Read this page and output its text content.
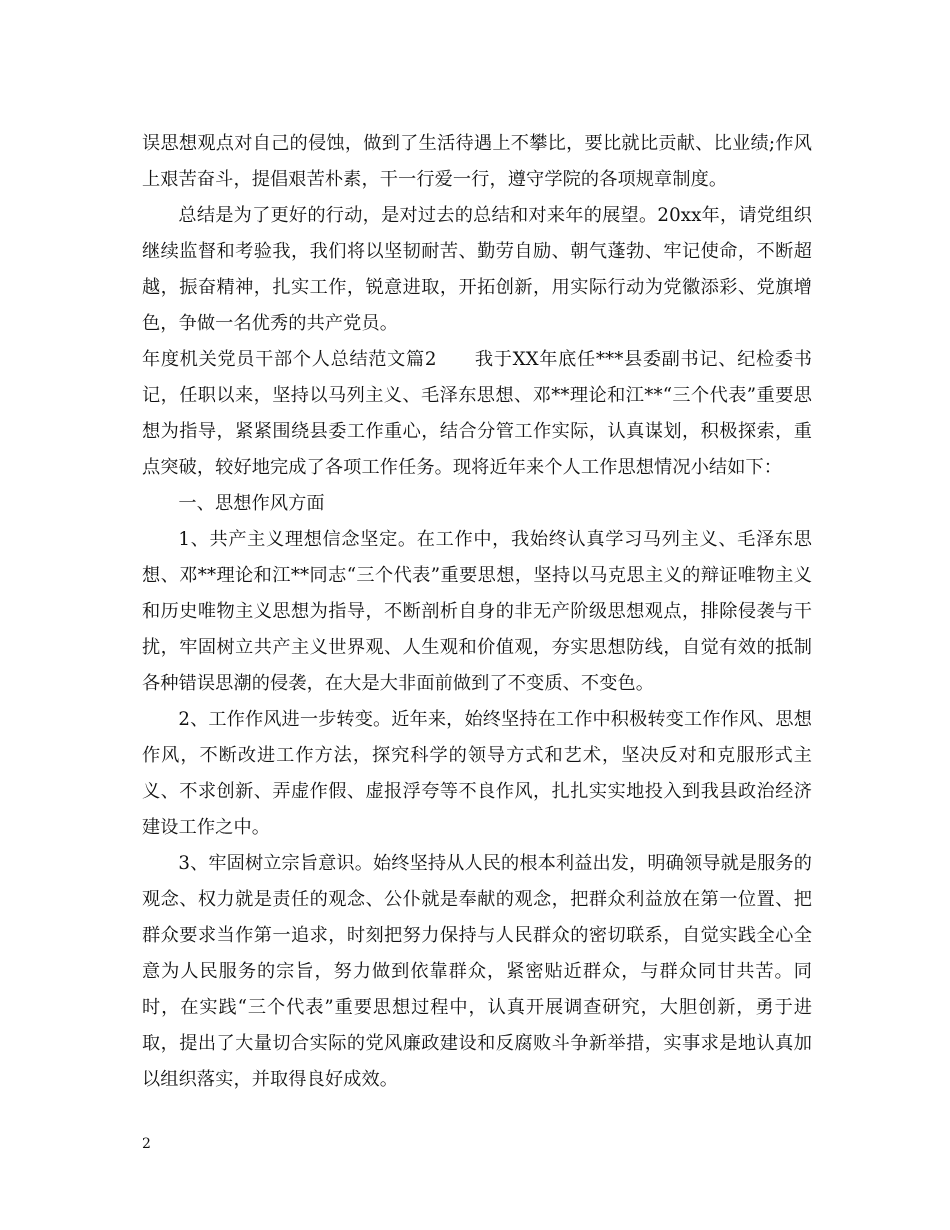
误思想观点对自己的侵蚀，做到了生活待遇上不攀比，要比就比贡献、比业绩;作风上艰苦奋斗，提倡艰苦朴素，干一行爱一行，遵守学院的各项规章制度。

总结是为了更好的行动，是对过去的总结和对来年的展望。20xx年，请党组织继续监督和考验我，我们将以坚韧耐苦、勤劳自励、朝气蓬勃、牢记使命，不断超越，振奋精神，扎实工作，锐意进取，开拓创新，用实际行动为党徽添彩、党旗增色，争做一名优秀的共产党员。

年度机关党员干部个人总结范文篇2　　我于XX年底任***县委副书记、纪检委书记，任职以来，坚持以马列主义、毛泽东思想、邓**理论和江**“三个代表”重要思想为指导，紧紧围绕县委工作重心，结合分管工作实际，认真谋划，积极探索，重点突破，较好地完成了各项工作任务。现将近年来个人工作思想情况小结如下：

一、思想作风方面

1、共产主义理想信念坚定。在工作中，我始终认真学习马列主义、毛泽东思想、邓**理论和江**同志“三个代表”重要思想，坚持以马克思主义的辩证唯物主义和历史唯物主义思想为指导，不断剖析自身的非无产阶级思想观点，排除侵袭与干扰，牢固树立共产主义世界观、人生观和价值观，夯实思想防线，自觉有效的抵制各种错误思潮的侵袭，在大是大非面前做到了不变质、不变色。

2、工作作风进一步转变。近年来，始终坚持在工作中积极转变工作作风、思想作风，不断改进工作方法，探究科学的领导方式和艺术，坚决反对和克服形式主义、不求创新、弄虚作假、虚报浮夸等不良作风，扎扎实实地投入到我县政治经济建设工作之中。

3、牢固树立宗旨意识。始终坚持从人民的根本利益出发，明确领导就是服务的观念、权力就是责任的观念、公仆就是奉献的观念，把群众利益放在第一位置、把群众要求当作第一追求，时刻把努力保持与人民群众的密切联系，自觉实践全心全意为人民服务的宗旨，努力做到依靠群众，紧密贴近群众，与群众同甘共苦。同时，在实践“三个代表”重要思想过程中，认真开展调查研究，大胆创新，勇于进取，提出了大量切合实际的党风廉政建设和反腐败斗争新举措，实事求是地认真加以组织落实，并取得良好成效。

2
